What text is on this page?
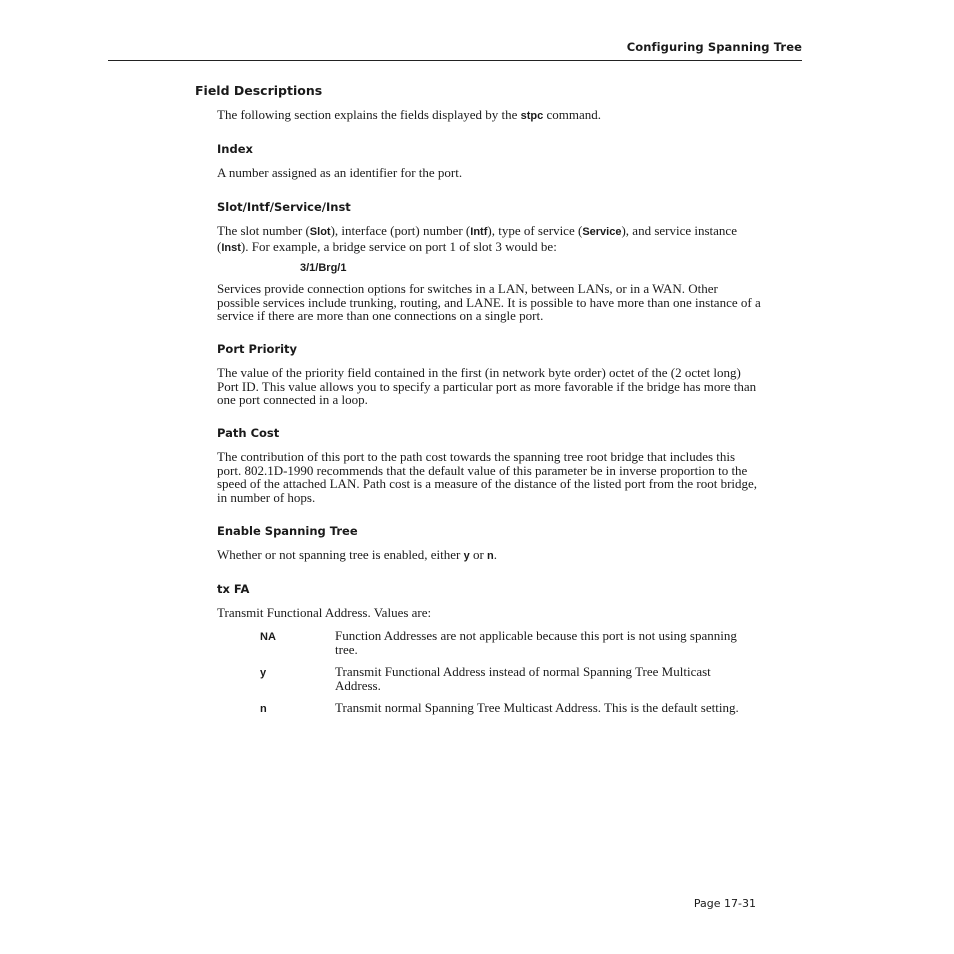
Configuring Spanning Tree
Field Descriptions
The following section explains the fields displayed by the stpc command.
Index
A number assigned as an identifier for the port.
Slot/Intf/Service/Inst
The slot number (Slot), interface (port) number (Intf), type of service (Service), and service instance (Inst). For example, a bridge service on port 1 of slot 3 would be:
3/1/Brg/1
Services provide connection options for switches in a LAN, between LANs, or in a WAN. Other possible services include trunking, routing, and LANE. It is possible to have more than one instance of a service if there are more than one connections on a single port.
Port Priority
The value of the priority field contained in the first (in network byte order) octet of the (2 octet long) Port ID. This value allows you to specify a particular port as more favorable if the bridge has more than one port connected in a loop.
Path Cost
The contribution of this port to the path cost towards the spanning tree root bridge that includes this port. 802.1D-1990 recommends that the default value of this parameter be in inverse proportion to the speed of the attached LAN. Path cost is a measure of the distance of the listed port from the root bridge, in number of hops.
Enable Spanning Tree
Whether or not spanning tree is enabled, either y or n.
tx FA
Transmit Functional Address. Values are:
NA	Function Addresses are not applicable because this port is not using spanning tree.
y	Transmit Functional Address instead of normal Spanning Tree Multicast Address.
n	Transmit normal Spanning Tree Multicast Address. This is the default setting.
Page 17-31
